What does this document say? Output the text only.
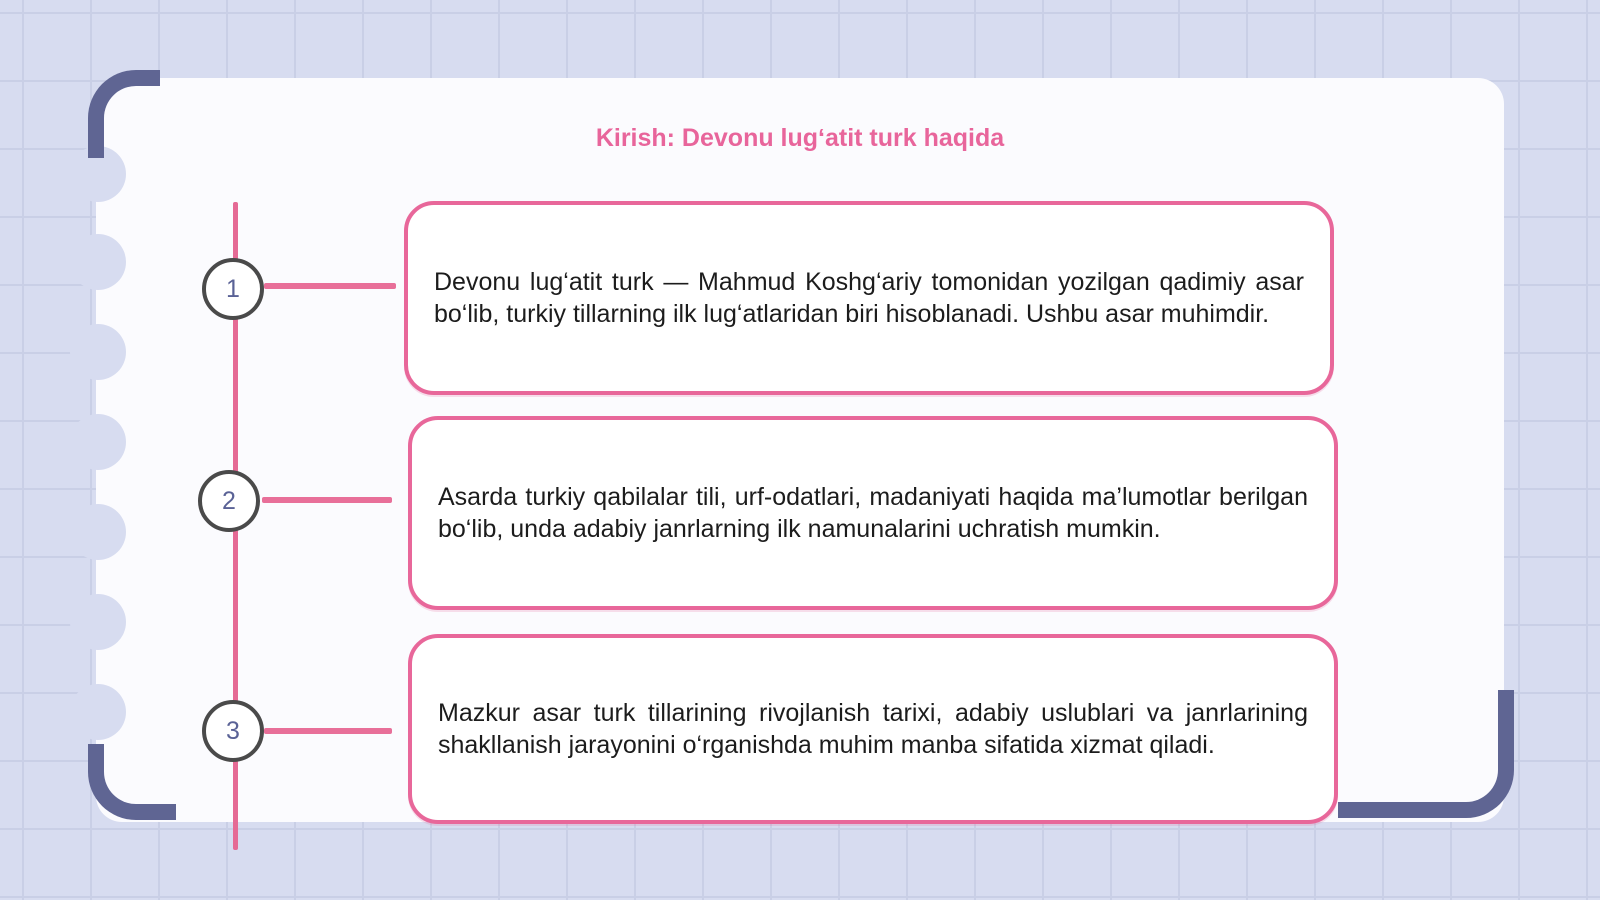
Kirish: Devonu lugʻatit turk haqida
1	Devonu lug‘atit turk — Mahmud Koshg‘ariy tomonidan yozilgan qadimiy asar bo‘lib, turkiy tillarning ilk lug‘atlaridan biri hisoblanadi. Ushbu asar muhimdir.
2	Asarda turkiy qabilalar tili, urf-odatlari, madaniyati haqida ma’lumotlar berilgan bo‘lib, unda adabiy janrlarning ilk namunalarini uchratish mumkin.
3
Mazkur asar turk tillarining rivojlanish tarixi, adabiy uslublari va janrlarining shakllanish jarayonini o‘rganishda muhim manba sifatida xizmat qiladi.
